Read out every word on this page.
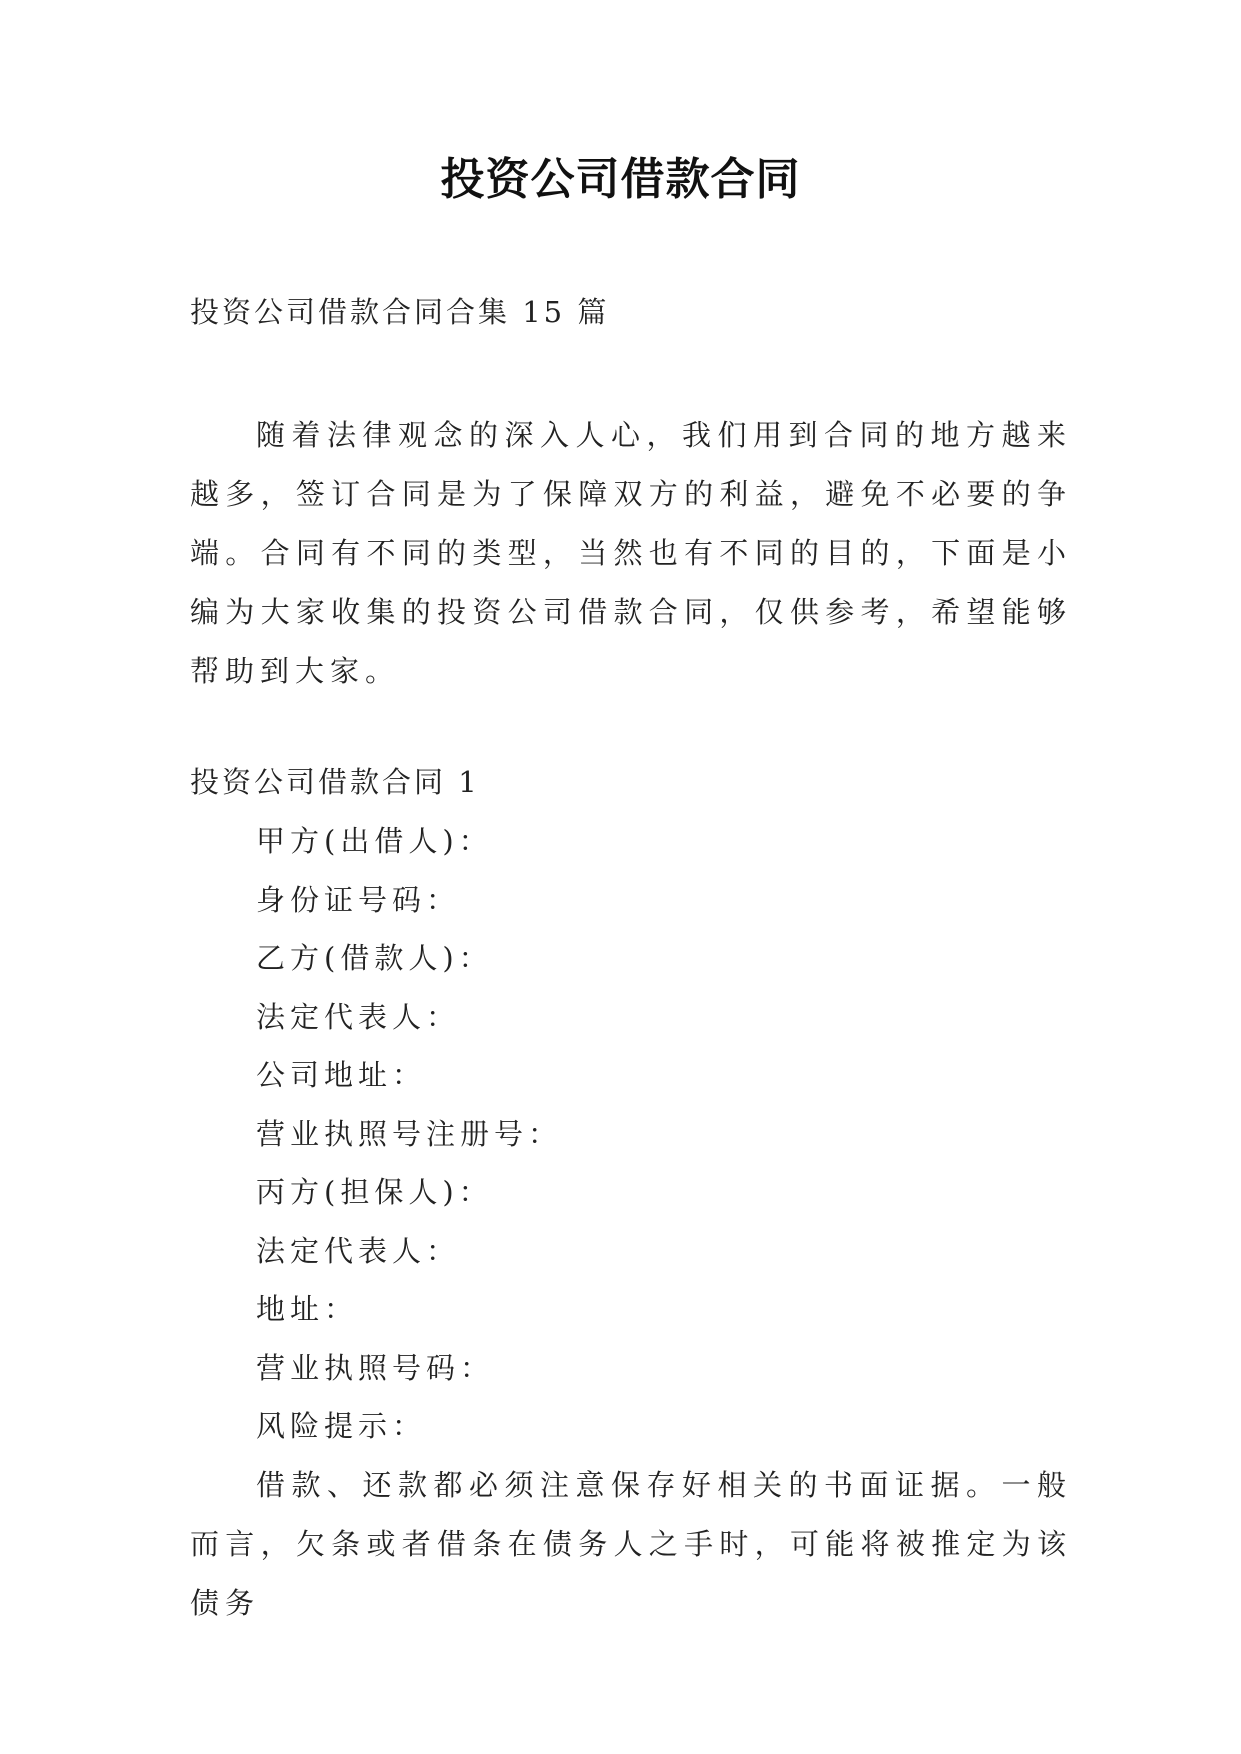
投资公司借款合同
投资公司借款合同合集 15 篇
随着法律观念的深入人心，我们用到合同的地方越来越多，签订合同是为了保障双方的利益，避免不必要的争端。合同有不同的类型，当然也有不同的目的，下面是小编为大家收集的投资公司借款合同，仅供参考，希望能够帮助到大家。
投资公司借款合同 1
甲方(出借人)：
身份证号码：
乙方(借款人)：
法定代表人：
公司地址：
营业执照号注册号：
丙方(担保人)：
法定代表人：
地址：
营业执照号码：
风险提示：
借款、还款都必须注意保存好相关的书面证据。一般而言，欠条或者借条在债务人之手时，可能将被推定为该债务
